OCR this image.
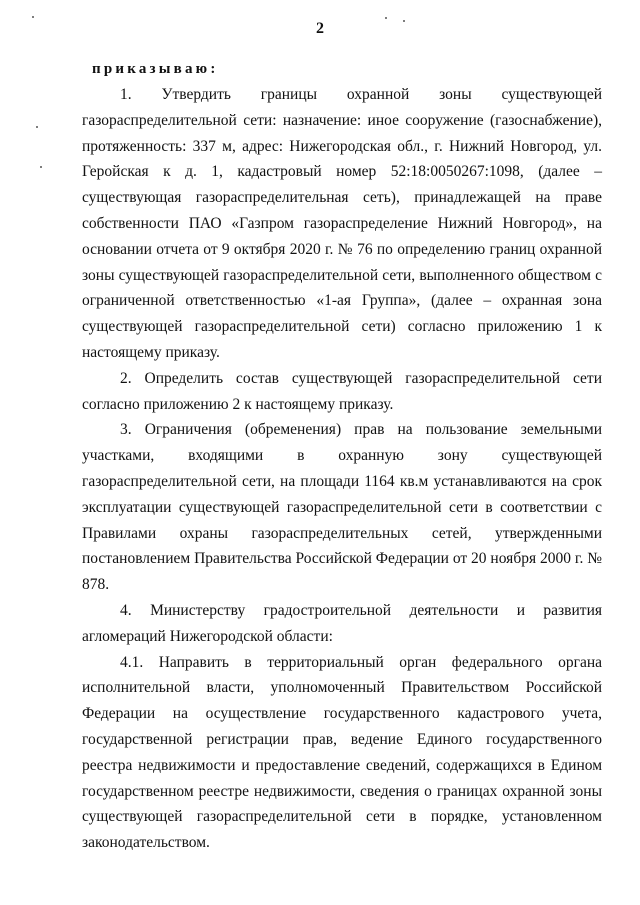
2
приказываю:

1. Утвердить границы охранной зоны существующей газораспределительной сети: назначение: иное сооружение (газоснабжение), протяженность: 337 м, адрес: Нижегородская обл., г. Нижний Новгород, ул. Геройская к д. 1, кадастровый номер 52:18:0050267:1098, (далее – существующая газораспределительная сеть), принадлежащей на праве собственности ПАО «Газпром газораспределение Нижний Новгород», на основании отчета от 9 октября 2020 г. № 76 по определению границ охранной зоны существующей газораспределительной сети, выполненного обществом с ограниченной ответственностью «1-ая Группа», (далее – охранная зона существующей газораспределительной сети) согласно приложению 1 к настоящему приказу.

2. Определить состав существующей газораспределительной сети согласно приложению 2 к настоящему приказу.

3. Ограничения (обременения) прав на пользование земельными участками, входящими в охранную зону существующей газораспределительной сети, на площади 1164 кв.м устанавливаются на срок эксплуатации существующей газораспределительной сети в соответствии с Правилами охраны газораспределительных сетей, утвержденными постановлением Правительства Российской Федерации от 20 ноября 2000 г. № 878.

4. Министерству градостроительной деятельности и развития агломераций Нижегородской области:

4.1. Направить в территориальный орган федерального органа исполнительной власти, уполномоченный Правительством Российской Федерации на осуществление государственного кадастрового учета, государственной регистрации прав, ведение Единого государственного реестра недвижимости и предоставление сведений, содержащихся в Едином государственном реестре недвижимости, сведения о границах охранной зоны существующей газораспределительной сети в порядке, установленном законодательством.
